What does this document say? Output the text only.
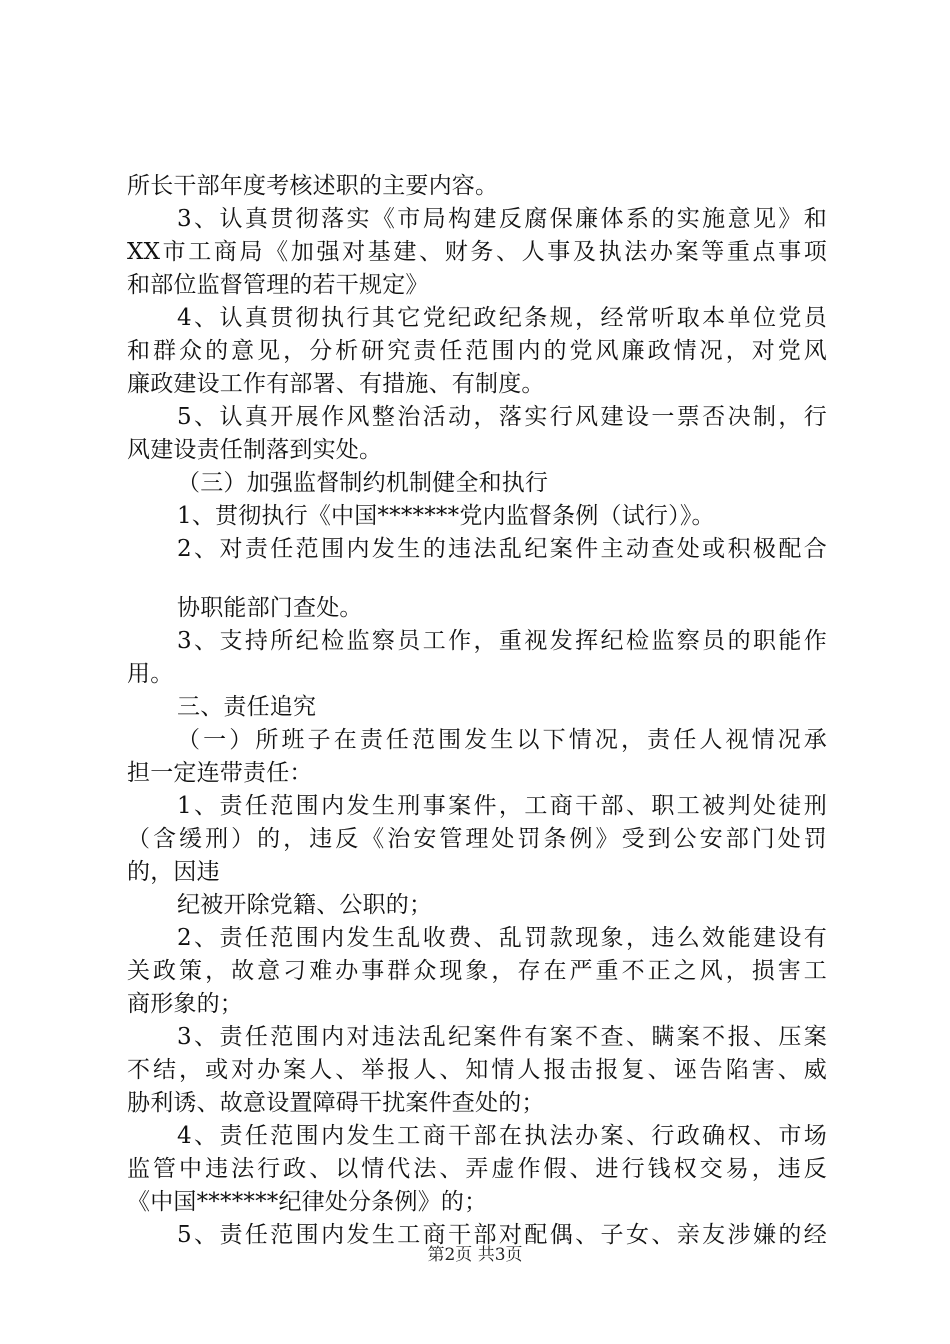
所长干部年度考核述职的主要内容。
3、认真贯彻落实《市局构建反腐保廉体系的实施意见》和
XX市工商局《加强对基建、财务、人事及执法办案等重点事项
和部位监督管理的若干规定》
4、认真贯彻执行其它党纪政纪条规，经常听取本单位党员
和群众的意见，分析研究责任范围内的党风廉政情况，对党风
廉政建设工作有部署、有措施、有制度。
5、认真开展作风整治活动，落实行风建设一票否决制，行
风建设责任制落到实处。
（三）加强监督制约机制健全和执行
1、贯彻执行《中国*******党内监督条例（试行）》。
2、对责任范围内发生的违法乱纪案件主动查处或积极配合
协职能部门查处。
3、支持所纪检监察员工作，重视发挥纪检监察员的职能作
用。
三、责任追究
（一）所班子在责任范围发生以下情况，责任人视情况承
担一定连带责任：
1、责任范围内发生刑事案件，工商干部、职工被判处徒刑
（含缓刑）的，违反《治安管理处罚条例》受到公安部门处罚
的，因违
纪被开除党籍、公职的；
2、责任范围内发生乱收费、乱罚款现象，违么效能建设有
关政策，故意刁难办事群众现象，存在严重不正之风，损害工
商形象的；
3、责任范围内对违法乱纪案件有案不查、瞒案不报、压案
不结，或对办案人、举报人、知情人报击报复、诬告陷害、威
胁利诱、故意设置障碍干扰案件查处的；
4、责任范围内发生工商干部在执法办案、行政确权、市场
监管中违法行政、以情代法、弄虚作假、进行钱权交易，违反
《中国*******纪律处分条例》的；
5、责任范围内发生工商干部对配偶、子女、亲友涉嫌的经
第2页 共3页
